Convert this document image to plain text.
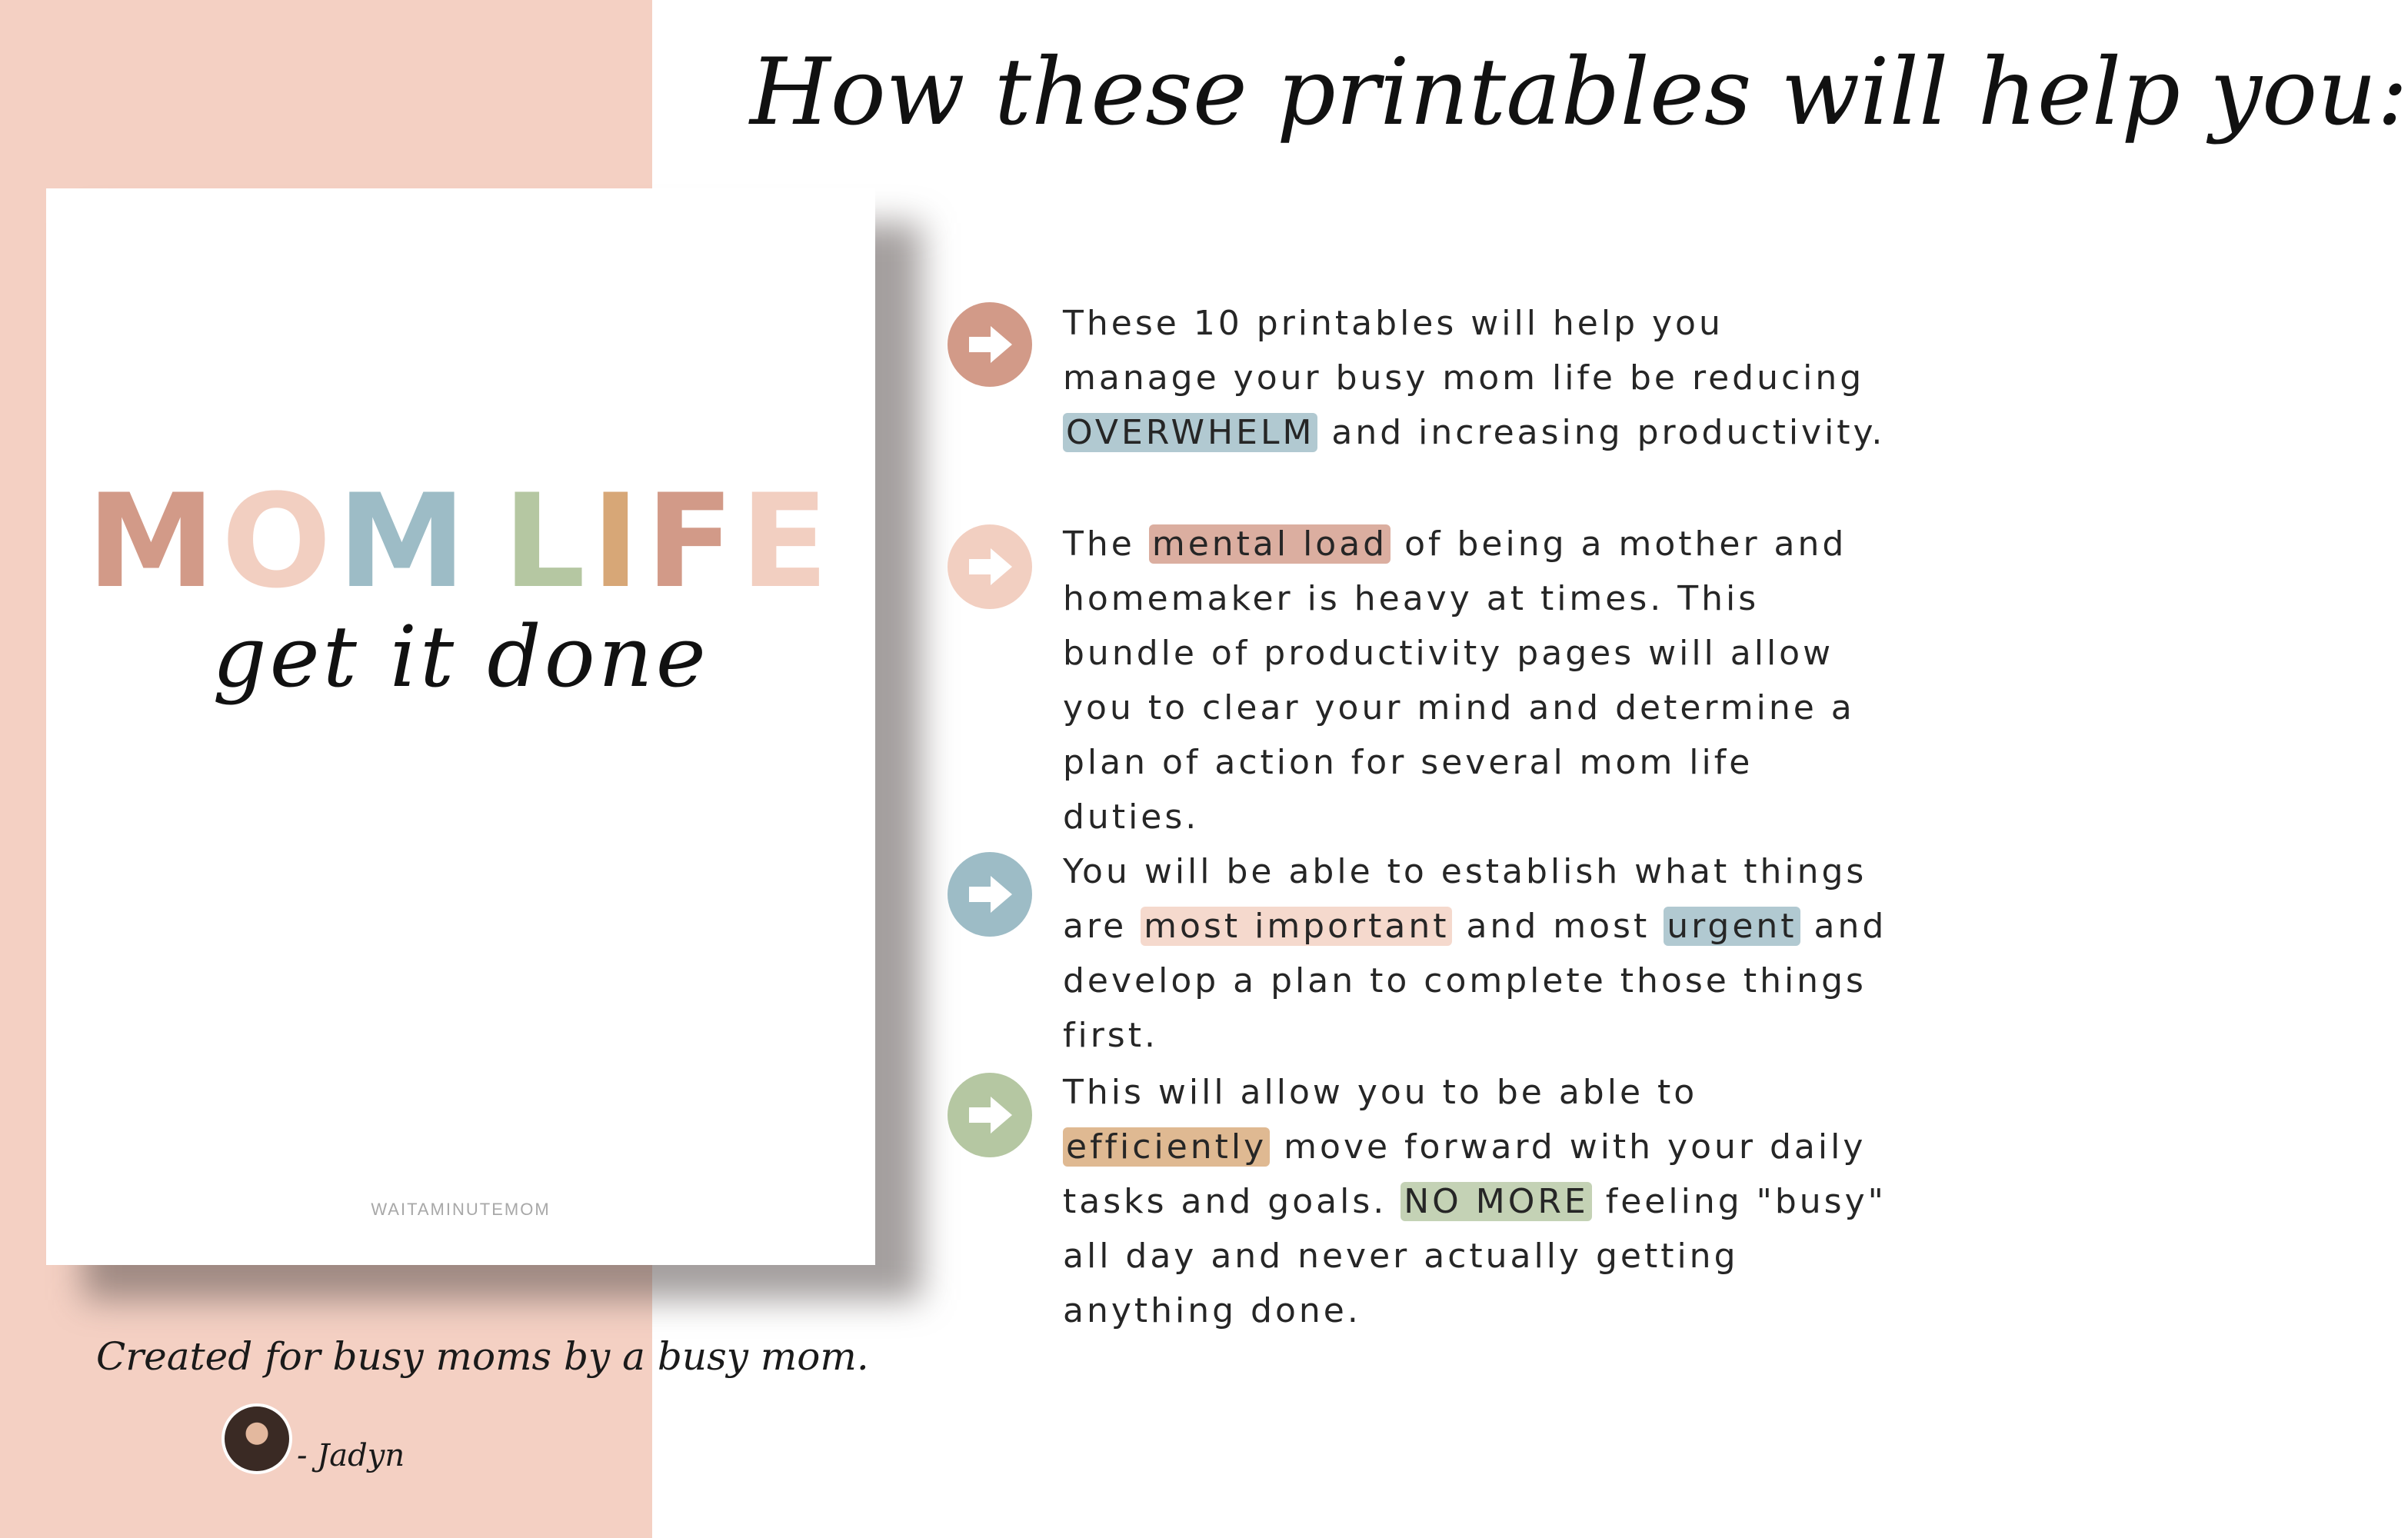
MOM LIFE
get it done
WAITAMINUTEMOM
Created for busy moms by a busy mom.
- Jadyn
How these printables will help you:
These 10 printables will help you manage your busy mom life be reducing OVERWHELM and increasing productivity.
The mental load of being a mother and homemaker is heavy at times. This bundle of productivity pages will allow you to clear your mind and determine a plan of action for several mom life duties.
You will be able to establish what things are most important and most urgent and develop a plan to complete those things first.
This will allow you to be able to efficiently move forward with your daily tasks and goals. NO MORE feeling "busy" all day and never actually getting anything done.
